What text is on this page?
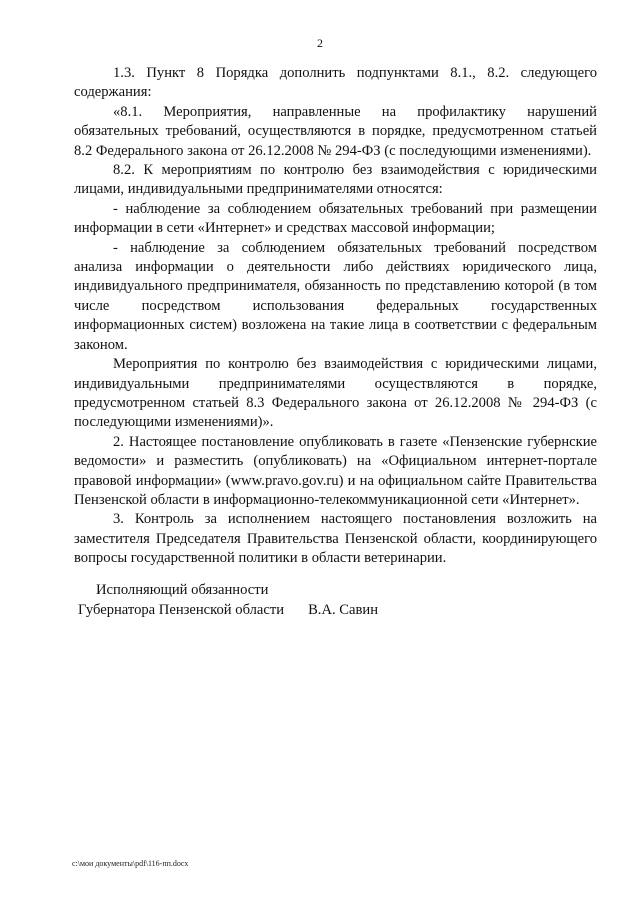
2

1.3. Пункт 8 Порядка дополнить подпунктами 8.1., 8.2. следующего содержания:

«8.1. Мероприятия, направленные на профилактику нарушений обязательных требований, осуществляются в порядке, предусмотренном статьей 8.2 Федерального закона от 26.12.2008 № 294-ФЗ (с последующими изменениями).

8.2. К мероприятиям по контролю без взаимодействия с юридическими лицами, индивидуальными предпринимателями относятся:

- наблюдение за соблюдением обязательных требований при размещении информации в сети «Интернет» и средствах массовой информации;

- наблюдение за соблюдением обязательных требований посредством анализа информации о деятельности либо действиях юридического лица, индивидуального предпринимателя, обязанность по представлению которой (в том числе посредством использования федеральных государственных информационных систем) возложена на такие лица в соответствии с федеральным законом.

Мероприятия по контролю без взаимодействия с юридическими лицами, индивидуальными предпринимателями осуществляются в порядке, предусмотренном статьей 8.3 Федерального закона от 26.12.2008 № 294-ФЗ (с последующими изменениями)».

2. Настоящее постановление опубликовать в газете «Пензенские губернские ведомости» и разместить (опубликовать) на «Официальном интернет-портале правовой информации» (www.pravo.gov.ru) и на официальном сайте Правительства Пензенской области в информационно-телекоммуникационной сети «Интернет».

3. Контроль за исполнением настоящего постановления возложить на заместителя Председателя Правительства Пензенской области, координирующего вопросы государственной политики в области ветеринарии.

Исполняющий обязанности
Губернатора Пензенской области В.А. Савин
c:\мои документы\pdf\116-пп.docx
